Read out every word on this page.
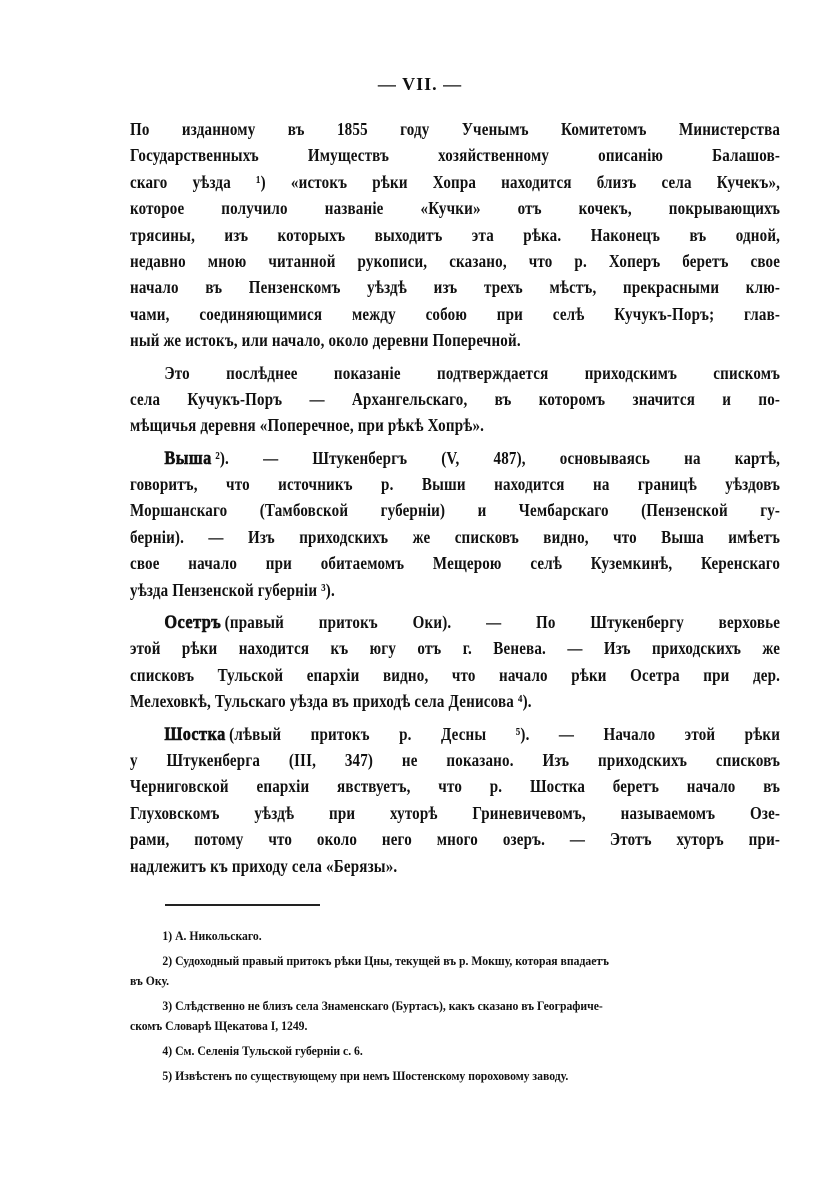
— VII. —
По изданному въ 1855 году Ученымъ Комитетомъ Министерства
Государственныхъ Имуществъ хозяйственному описанію Балашов-
скаго уѣзда ¹) «истокъ рѣки Хопра находится близъ села Кучекъ»,
которое получило названіе «Кучки» отъ кочекъ, покрывающихъ
трясины, изъ которыхъ выходитъ эта рѣка. Наконецъ въ одной,
недавно мною читанной рукописи, сказано, что р. Хоперъ беретъ свое
начало въ Пензенскомъ уѣздѣ изъ трехъ мѣстъ, прекрасными клю-
чами, соединяющимися между собою при селѣ Кучукъ-Поръ; глав-
ный же истокъ, или начало, около деревни Поперечной.
Это послѣднее показаніе подтверждается приходскимъ спискомъ
села Кучукъ-Поръ — Архангельскаго, въ которомъ значится и по-
мѣщичья деревня «Поперечное, при рѣкѣ Хопрѣ».
Выша ²). — Штукенбергъ (V, 487), основываясь на картѣ,
говоритъ, что источникъ р. Выши находится на границѣ уѣздовъ
Моршанскаго (Тамбовской губерніи) и Чембарскаго (Пензенской гу-
берніи). — Изъ приходскихъ же списковъ видно, что Выша имѣетъ
свое начало при обитаемомъ Мещерою селѣ Куземкинѣ, Керенскаго
уѣзда Пензенской губерніи ³).
Осетръ (правый притокъ Оки). — По Штукенбергу верховье
этой рѣки находится къ югу отъ г. Венева. — Изъ приходскихъ же
списковъ Тульской епархіи видно, что начало рѣки Осетра при дер.
Мелеховкѣ, Тульскаго уѣзда въ приходѣ села Денисова ⁴).
Шостка (лѣвый притокъ р. Десны ⁵). — Начало этой рѣки
у Штукенберга (III, 347) не показано. Изъ приходскихъ списковъ
Черниговской епархіи явствуетъ, что р. Шостка беретъ начало въ
Глуховскомъ уѣздѣ при хуторѣ Гриневичевомъ, называемомъ Озе-
рами, потому что около него много озеръ. — Этотъ хуторъ при-
надлежитъ къ приходу села «Берязы».
1) А. Никольскаго.
2) Судоходный правый притокъ рѣки Цны, текущей въ р. Мокшу, которая впадаетъ
въ Оку.
3) Слѣдственно не близъ села Знаменскаго (Буртасъ), какъ сказано въ Географиче-
скомъ Словарѣ Щекатова I, 1249.
4) См. Селенія Тульской губерніи с. 6.
5) Извѣстенъ по существующему при немъ Шостенскому пороховому заводу.
